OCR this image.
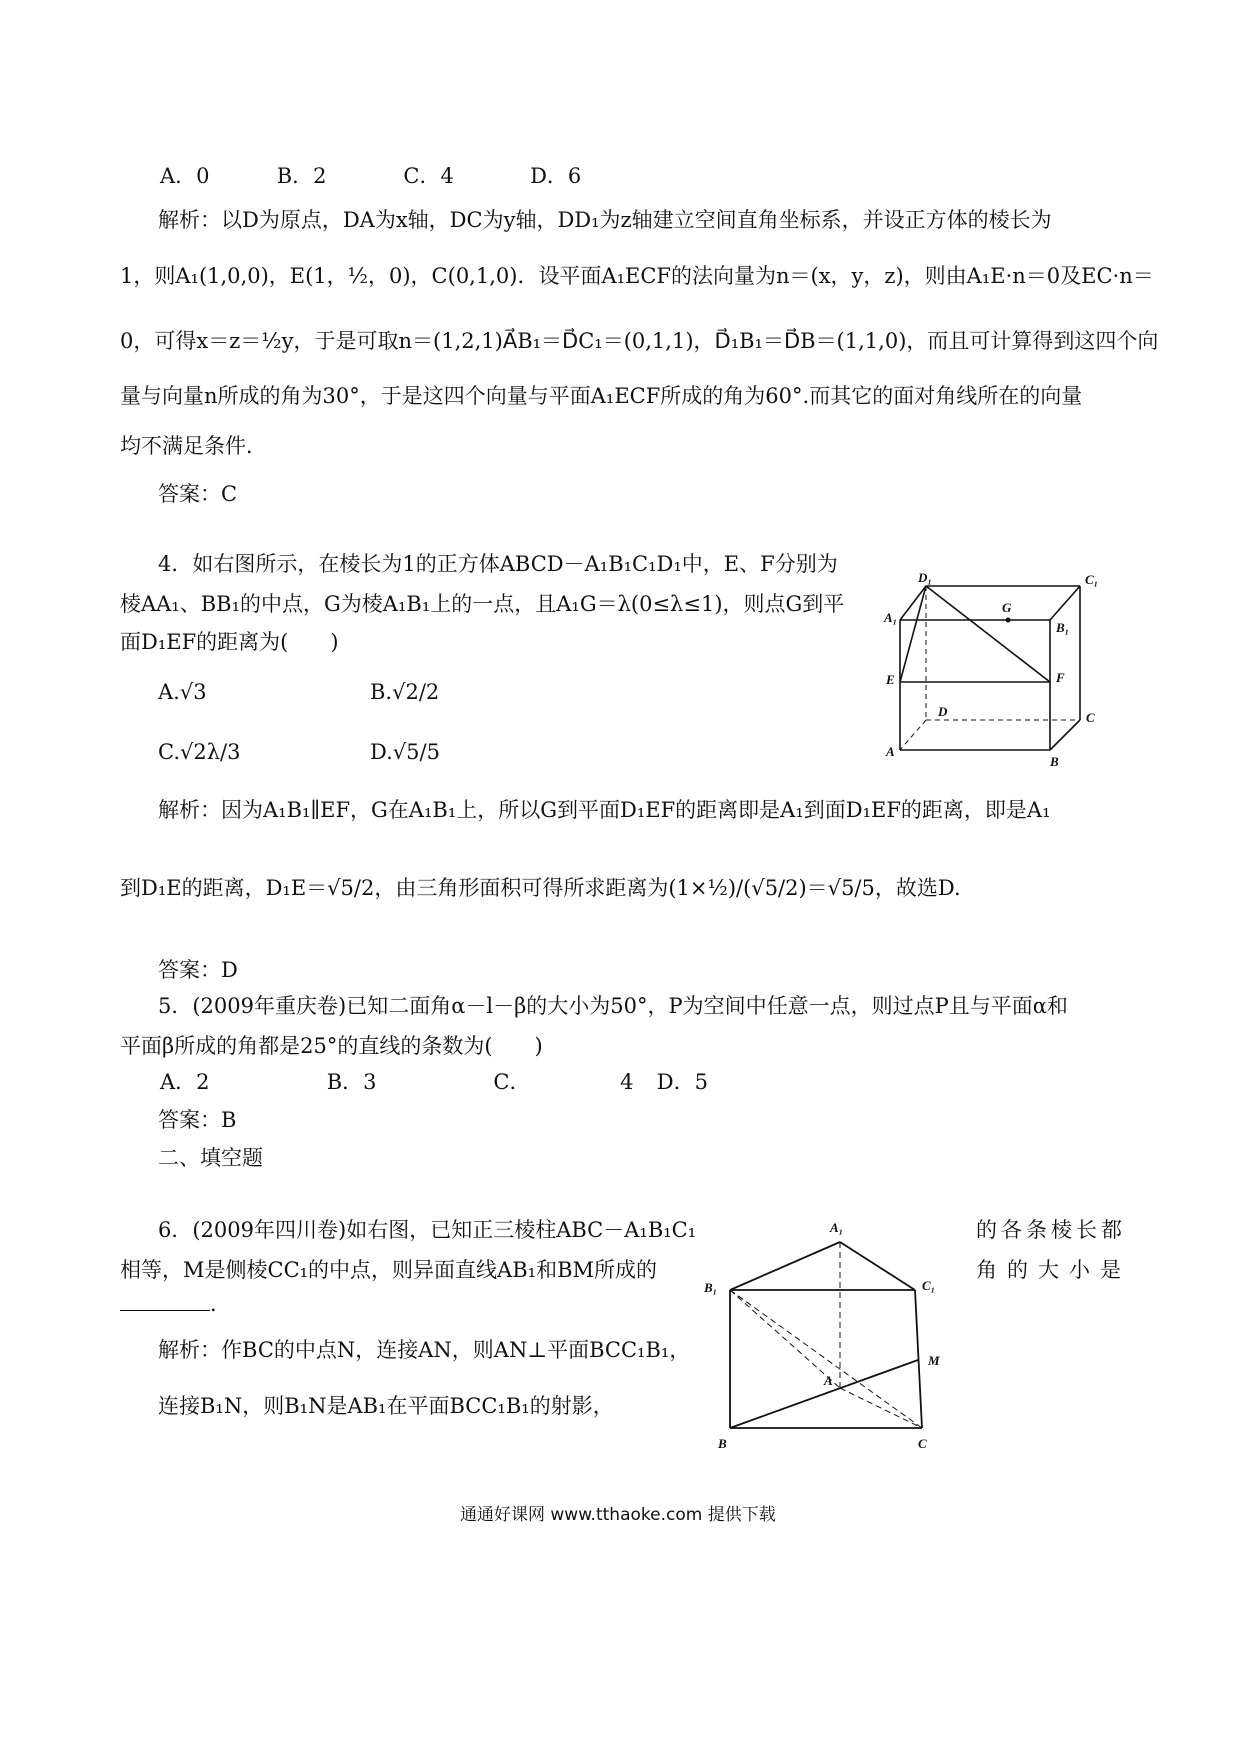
A．0	B．2	C．4	D．6
解析：以D为原点，DA为x轴，DC为y轴，DD₁为z轴建立空间直角坐标系，并设正方体的棱长为
1，则A₁(1,0,0)，E(1，½，0)，C(0,1,0)．设平面A₁ECF的法向量为n＝(x，y，z)，则由A₁E·n＝0及EC·n＝
0，可得x＝z＝½y，于是可取n＝(1,2,1)A⃗B₁＝D⃗C₁＝(0,1,1)，D⃗₁B₁＝D⃗B＝(1,1,0)，而且可计算得到这四个向
量与向量n所成的角为30°，于是这四个向量与平面A₁ECF所成的角为60°.而其它的面对角线所在的向量
均不满足条件．
答案：C
4．如右图所示，在棱长为1的正方体ABCD－A₁B₁C₁D₁中，E、F分别为
棱AA₁、BB₁的中点，G为棱A₁B₁上的一点，且A₁G＝λ(0≤λ≤1)，则点G到平
面D₁EF的距离为(　　)
A.√3	B.√2/2
C.√2λ/3	D.√5/5
解析：因为A₁B₁∥EF，G在A₁B₁上，所以G到平面D₁EF的距离即是A₁到面D₁EF的距离，即是A₁
到D₁E的距离，D₁E＝√5/2，由三角形面积可得所求距离为(1×½)/(√5/2)＝√5/5，故选D.
答案：D
D₁	C₁
G
A₁
B₁
E	F
D	C
A
B
5．(2009年重庆卷)已知二面角α－l－β的大小为50°，P为空间中任意一点，则过点P且与平面α和
平面β所成的角都是25°的直线的条数为(　　)
A．2	B．3	C．	4 D．5
答案：B
二、填空题
6．(2009年四川卷)如右图，已知正三棱柱ABC－A₁B₁C₁	的各条棱长都
相等，M是侧棱CC₁的中点，则异面直线AB₁和BM所成的	角的大小是
．
解析：作BC的中点N，连接AN，则AN⊥平面BCC₁B₁，
连接B₁N，则B₁N是AB₁在平面BCC₁B₁的射影，
A₁
B₁	C₁
M
A
B	C
通通好课网 www.tthaoke.com 提供下载
